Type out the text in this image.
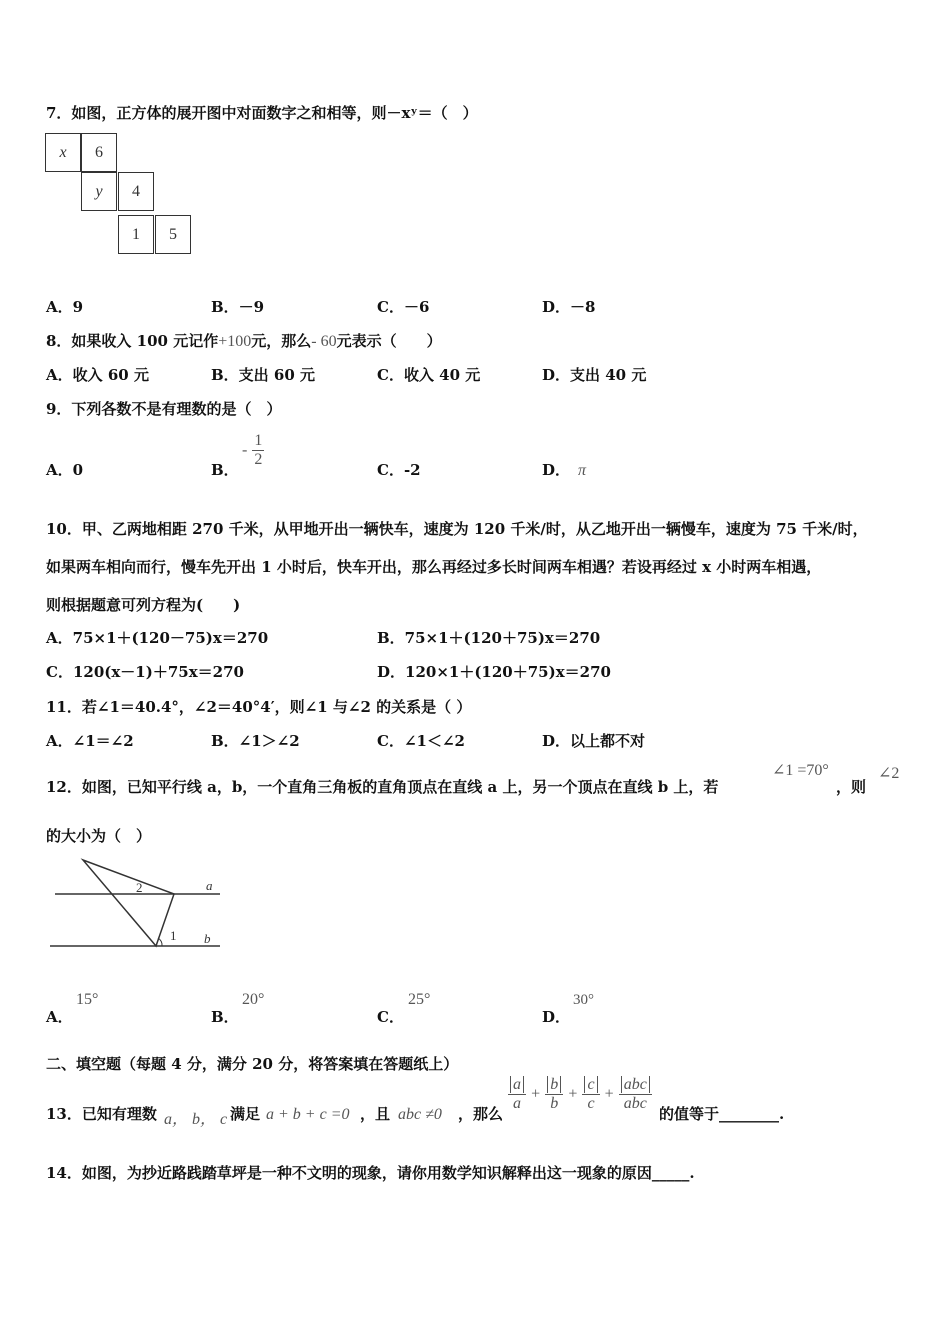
7．如图，正方体的展开图中对面数字之和相等，则－xʸ＝（　）
x	6
y	4
1	5
A．9	B．－9	C．－6	D．－8
8．如果收入 100 元记作+100元，那么- 60元表示（　　）
A．收入 60 元	B．支出 60 元	C．收入 40 元	D．支出 40 元
9．下列各数不是有理数的是（　）
A．0	B．
- $\frac{1}{2}$
C．-2	D． π
10．甲、乙两地相距 270 千米，从甲地开出一辆快车，速度为 120 千米/时，从乙地开出一辆慢车，速度为 75 千米/时，
如果两车相向而行，慢车先开出 1 小时后，快车开出，那么再经过多长时间两车相遇？若设再经过 x 小时两车相遇，
则根据题意可列方程为(　　)
A．75×1＋(120－75)x＝270	B．75×1＋(120＋75)x＝270
C．120(x－1)＋75x＝270	D．120×1＋(120＋75)x＝270
11．若∠1＝40.4°，∠2＝40°4′，则∠1 与∠2 的关系是（ ）
A．∠1＝∠2	B．∠1＞∠2	C．∠1＜∠2	D．以上都不对
12．如图，已知平行线 a，b，一个直角三角板的直角顶点在直线 a 上，另一个顶点在直线 b 上，若
∠1 =70°
，则
∠2
的大小为（　）
a
b
1
2
A．
15°
B．
20°
C．
25°
D．
30°
二、填空题（每题 4 分，满分 20 分，将答案填在答题纸上）
13．已知有理数 a， b， c 满足 a + b + c =0 ，且 abc ≠0 ，那么
$\frac{a}{a} + \frac{b}{b} + \frac{c}{c} + \frac{\text{abc}}{\text{abc}}$
的值等于________.
14．如图，为抄近路践踏草坪是一种不文明的现象，请你用数学知识解释出这一现象的原因_____.
